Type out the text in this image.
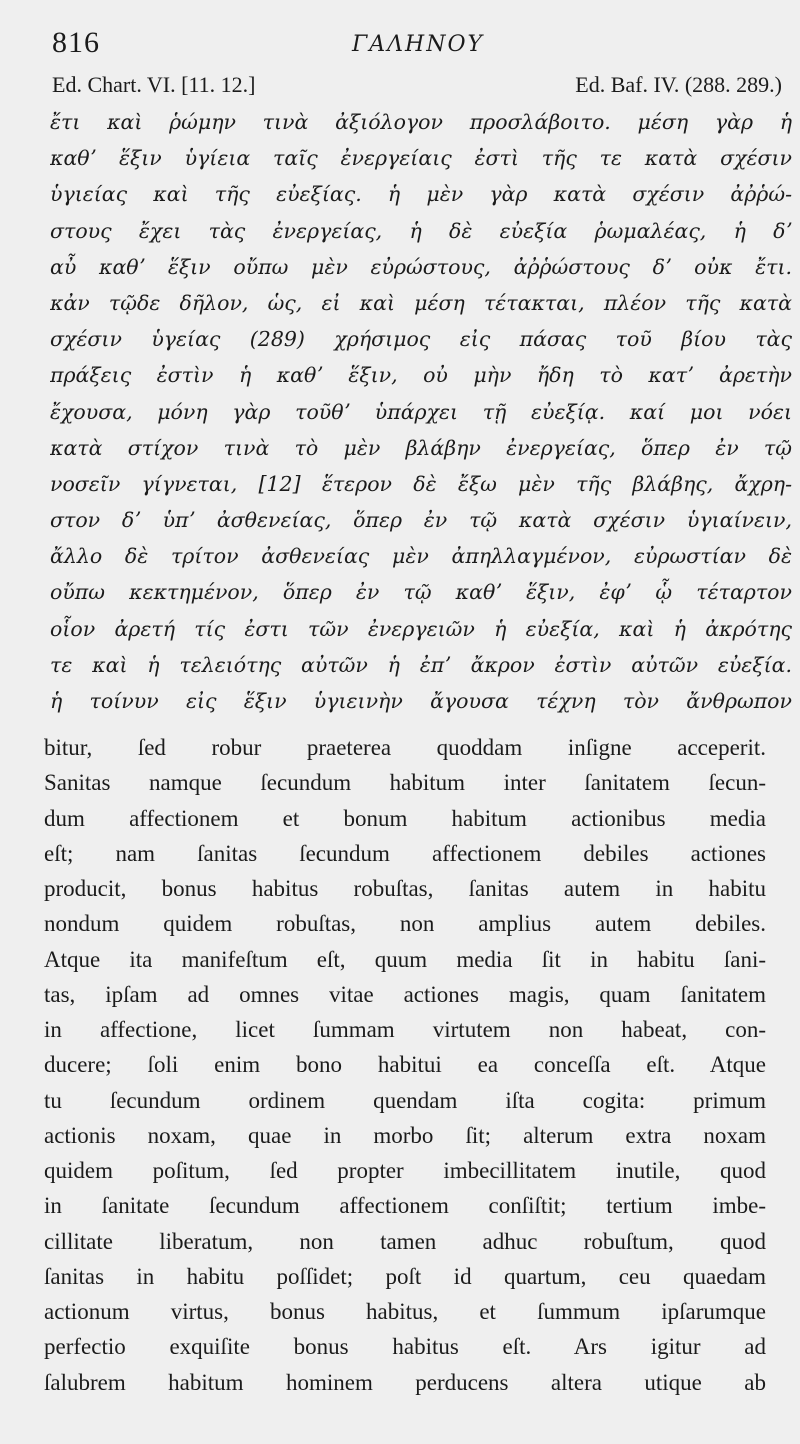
816	ΓΑΛΗΝΟΥ
Ed. Chart. VI. [11. 12.]	Ed. Baf. IV. (288. 289.)
ἔτι καὶ ῥώμην τινὰ ἀξιόλογον προσλάβοιτο. μέση γὰρ ἡ
καθʼ ἕξιν ὑγίεια ταῖς ἐνεργείαις ἐστὶ τῆς τε κατὰ σχέσιν
ὑγιείας καὶ τῆς εὐεξίας. ἡ μὲν γὰρ κατὰ σχέσιν ἀῤῥώ-
στους ἔχει τὰς ἐνεργείας, ἡ δὲ εὐεξία ῥωμαλέας, ἡ δʼ
αὖ καθʼ ἕξιν οὔπω μὲν εὐρώστους, ἀῤῥώστους δʼ οὐκ ἔτι.
κἀν τῷδε δῆλον, ὡς, εἰ καὶ μέση τέτακται, πλέον τῆς κατὰ
σχέσιν ὑγείας (289) χρήσιμος εἰς πάσας τοῦ βίου τὰς
πράξεις ἐστὶν ἡ καθʼ ἕξιν, οὐ μὴν ἤδη τὸ κατʼ ἀρετὴν
ἔχουσα, μόνη γὰρ τοῦθʼ ὑπάρχει τῇ εὐεξίᾳ. καί μοι νόει
κατὰ στίχον τινὰ τὸ μὲν βλάβην ἐνεργείας, ὅπερ ἐν τῷ
νοσεῖν γίγνεται, [12] ἕτερον δὲ ἔξω μὲν τῆς βλάβης, ἄχρη-
στον δʼ ὑπʼ ἀσθενείας, ὅπερ ἐν τῷ κατὰ σχέσιν ὑγιαίνειν,
ἄλλο δὲ τρίτον ἀσθενείας μὲν ἀπηλλαγμένον, εὐρωστίαν δὲ
οὔπω κεκτημένον, ὅπερ ἐν τῷ καθʼ ἕξιν, ἐφʼ ᾧ τέταρτον
οἷον ἀρετή τίς ἐστι τῶν ἐνεργειῶν ἡ εὐεξία, καὶ ἡ ἀκρότης
τε καὶ ἡ τελειότης αὐτῶν ἡ ἐπʼ ἄκρον ἐστὶν αὐτῶν εὐεξία.
ἡ τοίνυν εἰς ἕξιν ὑγιεινὴν ἄγουσα τέχνη τὸν ἄνθρωπον
bitur, ſed robur praeterea quoddam inſigne acceperit.
Sanitas namque ſecundum habitum inter ſanitatem ſecun-
dum affectionem et bonum habitum actionibus media
eſt; nam ſanitas ſecundum affectionem debiles actiones
producit, bonus habitus robuſtas, ſanitas autem in habitu
nondum quidem robuſtas, non amplius autem debiles.
Atque ita manifeſtum eſt, quum media ſit in habitu ſani-
tas, ipſam ad omnes vitae actiones magis, quam ſanitatem
in affectione, licet ſummam virtutem non habeat, con-
ducere; ſoli enim bono habitui ea conceſſa eſt. Atque
tu ſecundum ordinem quendam iſta cogita: primum
actionis noxam, quae in morbo ſit; alterum extra noxam
quidem poſitum, ſed propter imbecillitatem inutile, quod
in ſanitate ſecundum affectionem conſiſtit; tertium imbe-
cillitate liberatum, non tamen adhuc robuſtum, quod
ſanitas in habitu poſſidet; poſt id quartum, ceu quaedam
actionum virtus, bonus habitus, et ſummum ipſarumque
perfectio exquiſite bonus habitus eſt. Ars igitur ad
ſalubrem habitum hominem perducens altera utique ab
